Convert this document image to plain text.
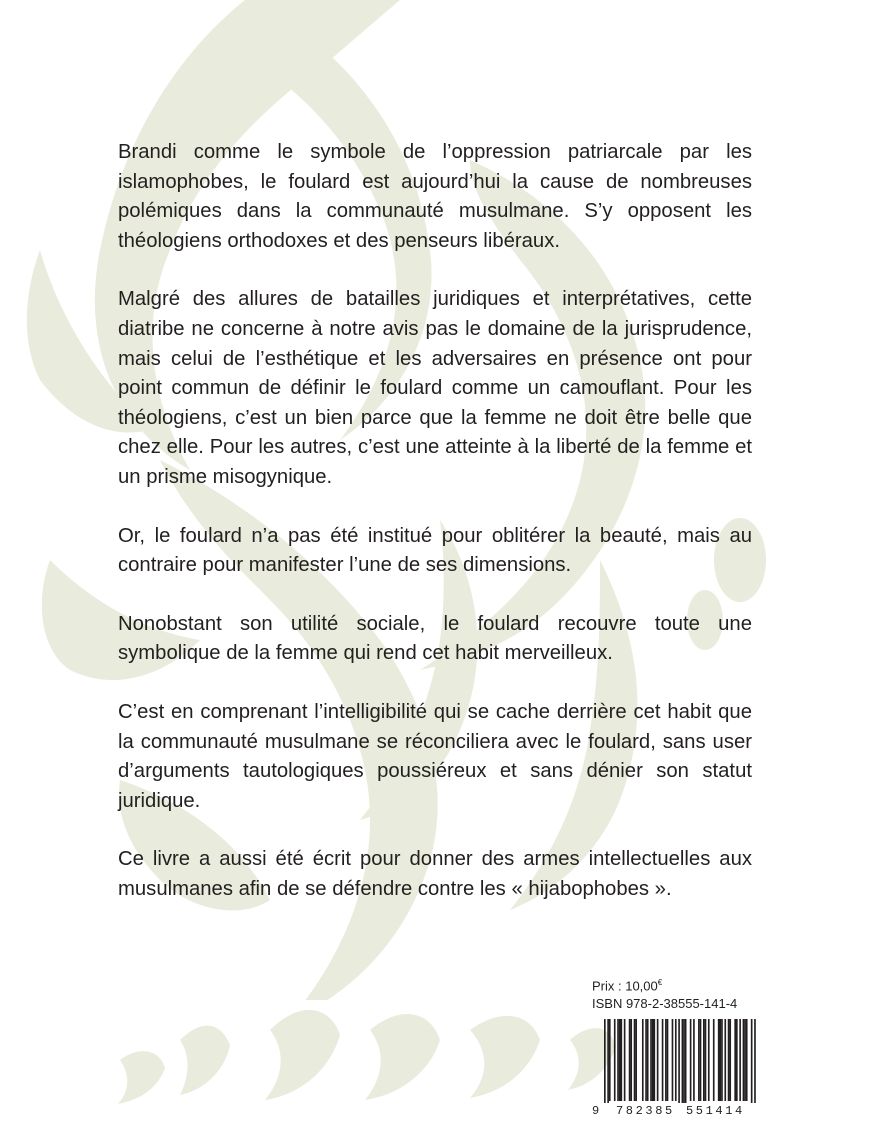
Brandi comme le symbole de l’oppression patriarcale par les islamophobes, le foulard est aujourd’hui la cause de nombreuses polémiques dans la communauté musulmane. S’y opposent les théologiens orthodoxes et des penseurs libéraux.

Malgré des allures de batailles juridiques et interprétatives, cette diatribe ne concerne à notre avis pas le domaine de la jurisprudence, mais celui de l’esthétique et les adversaires en présence ont pour point commun de définir le foulard comme un camouflant. Pour les théologiens, c’est un bien parce que la femme ne doit être belle que chez elle. Pour les autres, c’est une atteinte à la liberté de la femme et un prisme misogynique.

Or, le foulard n’a pas été institué pour oblitérer la beauté, mais au contraire pour manifester l’une de ses dimensions.

Nonobstant son utilité sociale, le foulard recouvre toute une symbolique de la femme qui rend cet habit merveilleux.

C’est en comprenant l’intelligibilité qui se cache derrière cet habit que la communauté musulmane se réconciliera avec le foulard, sans user d’arguments tautologiques poussiéreux et sans dénier son statut juridique.

Ce livre a aussi été écrit pour donner des armes intellectuelles aux musulmanes afin de se défendre contre les « hijabophobes ».

Prix : 10,00€
ISBN 978-2-38555-141-4
9 782385 551414
